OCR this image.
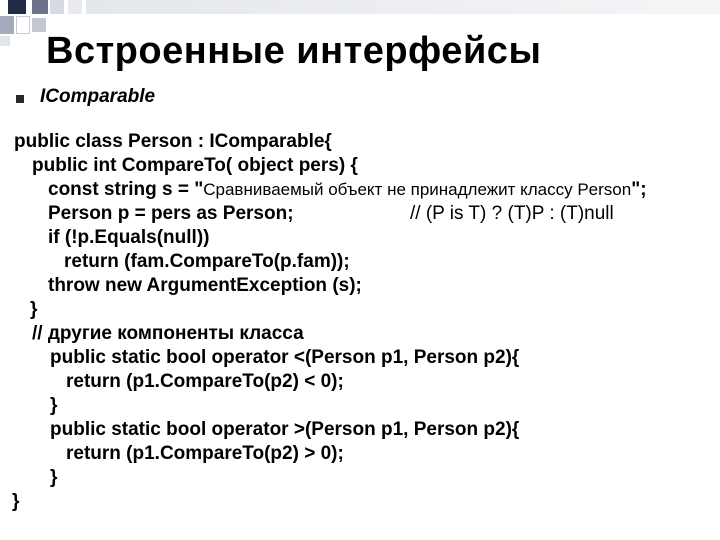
Встроенные интерфейсы
IComparable
public class Person : IComparable{
public int CompareTo( object pers) {
const string s = "Сравниваемый объект не принадлежит классу Person";
Person p = pers as Person;	// (P is T) ? (T)P : (T)null
if (!p.Equals(null))
return (fam.CompareTo(p.fam));
throw new ArgumentException (s);
}
// другие компоненты класса
public static bool operator <(Person p1, Person p2){
return (p1.CompareTo(p2) < 0);
}
public static bool operator >(Person p1, Person p2){
return (p1.CompareTo(p2) > 0);
}
}
